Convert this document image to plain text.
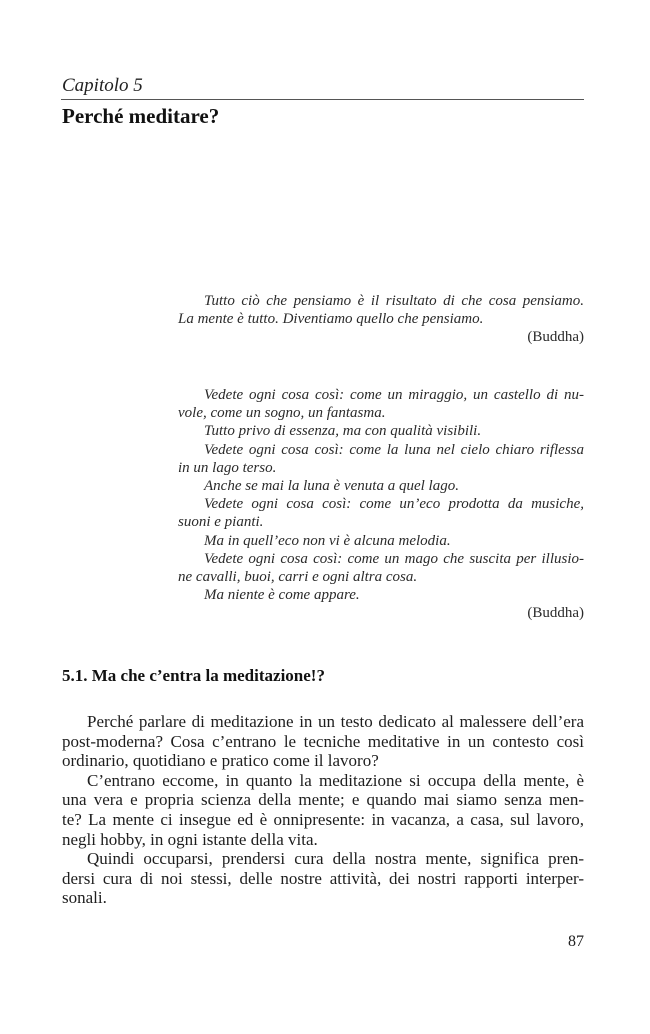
Capitolo 5
Perché meditare?
Tutto ciò che pensiamo è il risultato di che cosa pensiamo.
La mente è tutto. Diventiamo quello che pensiamo.
(Buddha)
Vedete ogni cosa così: come un miraggio, un castello di nu-
vole, come un sogno, un fantasma.
Tutto privo di essenza, ma con qualità visibili.
Vedete ogni cosa così: come la luna nel cielo chiaro riflessa
in un lago terso.
Anche se mai la luna è venuta a quel lago.
Vedete ogni cosa così: come un’eco prodotta da musiche,
suoni e pianti.
Ma in quell’eco non vi è alcuna melodia.
Vedete ogni cosa così: come un mago che suscita per illusio-
ne cavalli, buoi, carri e ogni altra cosa.
Ma niente è come appare.
(Buddha)
5.1. Ma che c’entra la meditazione!?
Perché parlare di meditazione in un testo dedicato al malessere dell’era
post-moderna? Cosa c’entrano le tecniche meditative in un contesto così
ordinario, quotidiano e pratico come il lavoro?
C’entrano eccome, in quanto la meditazione si occupa della mente, è
una vera e propria scienza della mente; e quando mai siamo senza men-
te? La mente ci insegue ed è onnipresente: in vacanza, a casa, sul lavoro,
negli hobby, in ogni istante della vita.
Quindi occuparsi, prendersi cura della nostra mente, significa pren-
dersi cura di noi stessi, delle nostre attività, dei nostri rapporti interper-
sonali.
87
